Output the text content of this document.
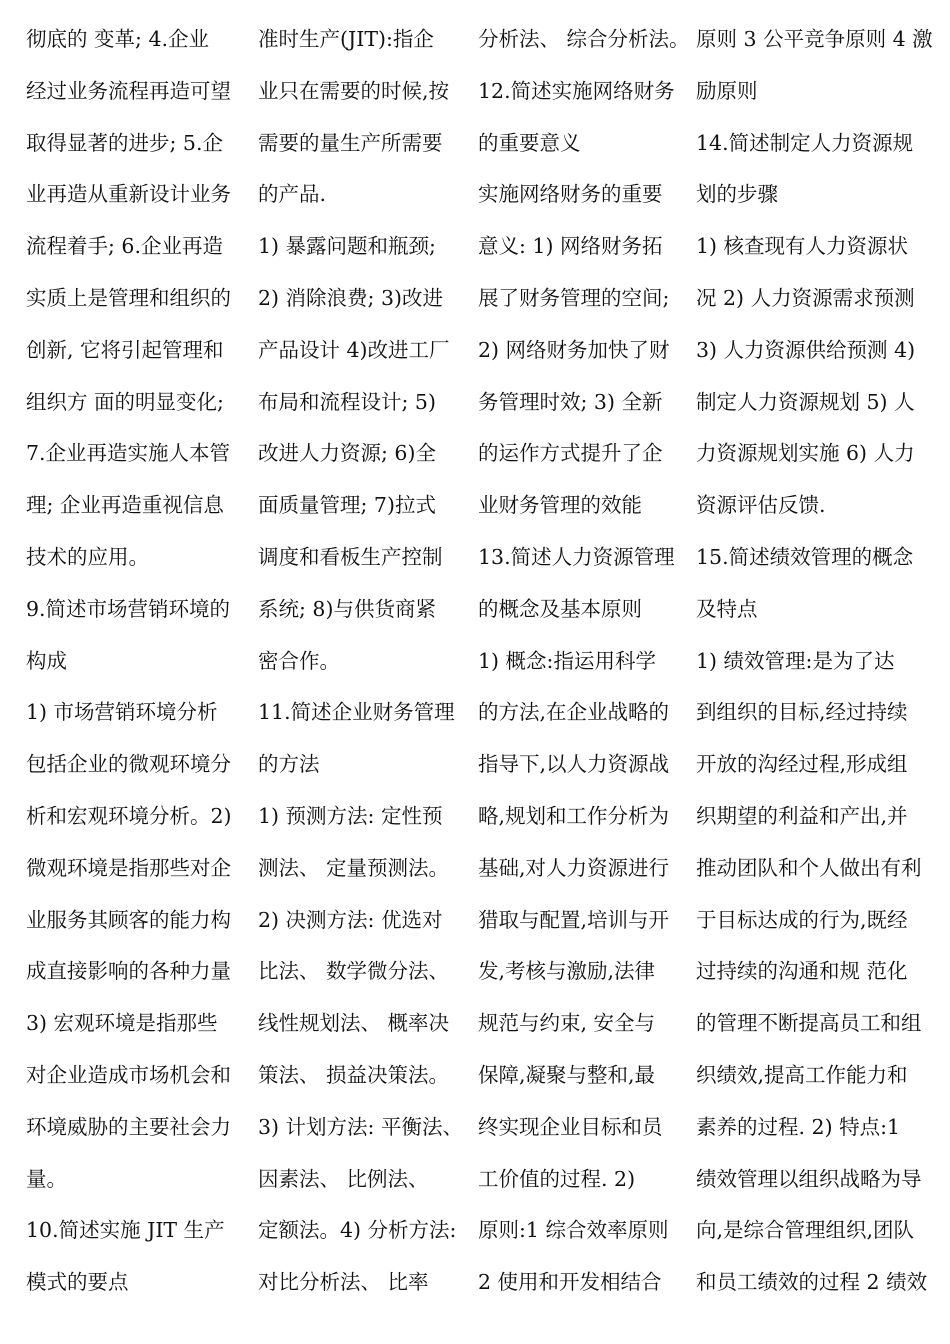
彻底的 变革; 4.企业
经过业务流程再造可望
取得显著的进步; 5.企
业再造从重新设计业务
流程着手; 6.企业再造
实质上是管理和组织的
创新, 它将引起管理和
组织方 面的明显变化;
7.企业再造实施人本管
理; 企业再造重视信息
技术的应用。
9.简述市场营销环境的
构成
1) 市场营销环境分析
包括企业的微观环境分
析和宏观环境分析。2)
微观环境是指那些对企
业服务其顾客的能力构
成直接影响的各种力量
3) 宏观环境是指那些
对企业造成市场机会和
环境威胁的主要社会力
量。
10.简述实施 JIT 生产
模式的要点
准时生产(JIT):指企
业只在需要的时候,按
需要的量生产所需要
的产品.
1) 暴露问题和瓶颈;
2) 消除浪费; 3)改进
产品设计 4)改进工厂
布局和流程设计; 5)
改进人力资源; 6)全
面质量管理; 7)拉式
调度和看板生产控制
系统; 8)与供货商紧
密合作。
11.简述企业财务管理
的方法
1) 预测方法: 定性预
测法、 定量预测法。
2) 决测方法: 优选对
比法、 数学微分法、
线性规划法、 概率决
策法、 损益决策法。
3) 计划方法: 平衡法、
因素法、 比例法、
定额法。4) 分析方法:
对比分析法、 比率
分析法、 综合分析法。
12.简述实施网络财务
的重要意义
实施网络财务的重要
意义: 1) 网络财务拓
展了财务管理的空间;
2) 网络财务加快了财
务管理时效; 3) 全新
的运作方式提升了企
业财务管理的效能
13.简述人力资源管理
的概念及基本原则
1) 概念:指运用科学
的方法,在企业战略的
指导下,以人力资源战
略,规划和工作分析为
基础,对人力资源进行
猎取与配置,培训与开
发,考核与激励,法律
规范与约束, 安全与
保障,凝聚与整和,最
终实现企业目标和员
工价值的过程. 2)
原则:1 综合效率原则
2 使用和开发相结合
原则 3 公平竞争原则 4 激
励原则
14.简述制定人力资源规
划的步骤
1) 核查现有人力资源状
况 2) 人力资源需求预测
3) 人力资源供给预测 4)
制定人力资源规划 5) 人
力资源规划实施 6) 人力
资源评估反馈.
15.简述绩效管理的概念
及特点
1) 绩效管理:是为了达
到组织的目标,经过持续
开放的沟经过程,形成组
织期望的利益和产出,并
推动团队和个人做出有利
于目标达成的行为,既经
过持续的沟通和规 范化
的管理不断提高员工和组
织绩效,提高工作能力和
素养的过程. 2) 特点:1
绩效管理以组织战略为导
向,是综合管理组织,团队
和员工绩效的过程 2 绩效
